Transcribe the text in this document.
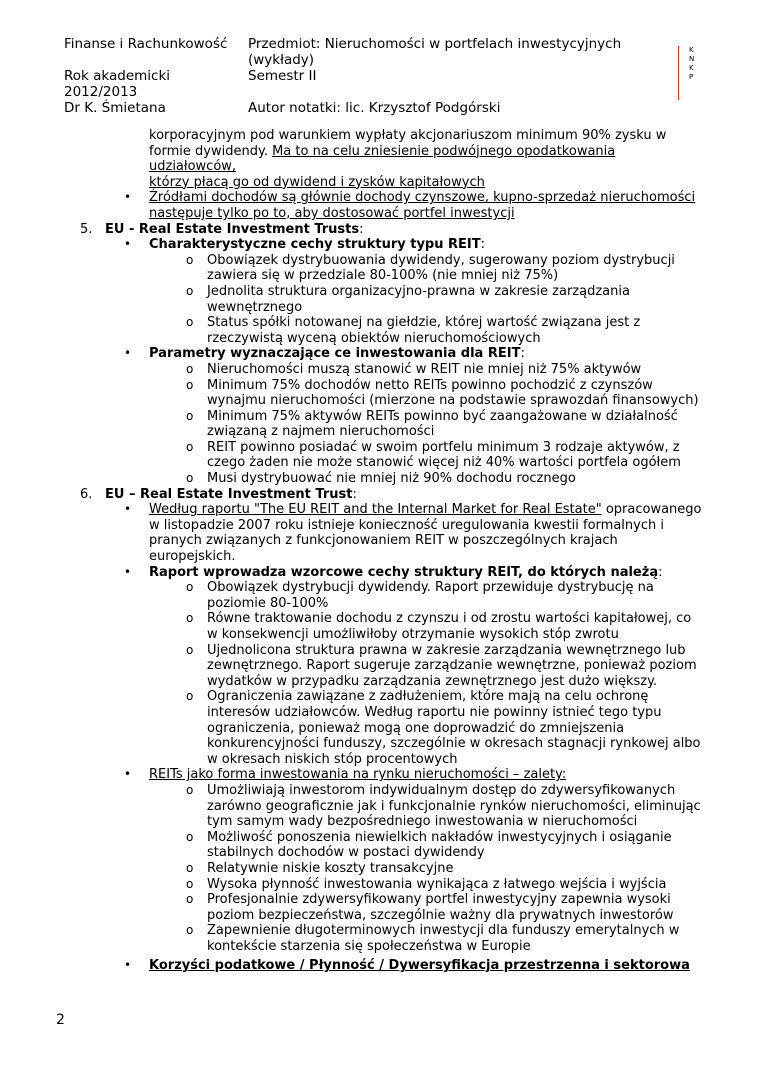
Finanse i Rachunkowość	Przedmiot: Nieruchomości w portfelach inwestycyjnych (wykłady)
Rok akademicki 2012/2013
Semestr II
Dr K. Śmietana	Autor notatki: lic. Krzysztof Podgórski
K
N
K
P
korporacyjnym pod warunkiem wypłaty akcjonariuszom minimum 90% zysku w
formie dywidendy. Ma to na celu zniesienie podwójnego opodatkowania udziałowców,
którzy płacą go od dywidend i zysków kapitałowych
• Źródłami dochodów są głównie dochody czynszowe, kupno-sprzedaż nieruchomości następuje tylko po to, aby dostosować portfel inwestycji
5. EU - Real Estate Investment Trusts:
• Charakterystyczne cechy struktury typu REIT:
o Obowiązek dystrybuowania dywidendy, sugerowany poziom dystrybucji zawiera się w przedziale 80-100% (nie mniej niż 75%)
o Jednolita struktura organizacyjno-prawna w zakresie zarządzania wewnętrznego
o Status spółki notowanej na giełdzie, której wartość związana jest z rzeczywistą wyceną obiektów nieruchomościowych
• Parametry wyznaczające ce inwestowania dla REIT:
o Nieruchomości muszą stanowić w REIT nie mniej niż 75% aktywów
o Minimum 75% dochodów netto REITs powinno pochodzić z czynszów wynajmu nieruchomości (mierzone na podstawie sprawozdań finansowych)
o Minimum 75% aktywów REITs powinno być zaangażowane w działalność związaną z najmem nieruchomości
o REIT powinno posiadać w swoim portfelu minimum 3 rodzaje aktywów, z czego żaden nie może stanowić więcej niż 40% wartości portfela ogółem
o Musi dystrybuować nie mniej niż 90% dochodu rocznego
6. EU – Real Estate Investment Trust:
• Według raportu "The EU REIT and the Internal Market for Real Estate" opracowanego w listopadzie 2007 roku istnieje konieczność uregulowania kwestii formalnych i pranych związanych z funkcjonowaniem REIT w poszczególnych krajach europejskich.
• Raport wprowadza wzorcowe cechy struktury REIT, do których należą:
o Obowiązek dystrybucji dywidendy. Raport przewiduje dystrybucję na poziomie 80-100%
o Równe traktowanie dochodu z czynszu i od zrostu wartości kapitałowej, co w konsekwencji umożliwiłoby otrzymanie wysokich stóp zwrotu
o Ujednolicona struktura prawna w zakresie zarządzania wewnętrznego lub zewnętrznego. Raport sugeruje zarządzanie wewnętrzne, ponieważ poziom wydatków w przypadku zarządzania zewnętrznego jest dużo większy.
o Ograniczenia zawiązane z zadłużeniem, które mają na celu ochronę interesów udziałowców. Według raportu nie powinny istnieć tego typu ograniczenia, ponieważ mogą one doprowadzić do zmniejszenia konkurencyjności funduszy, szczególnie w okresach stagnacji rynkowej albo w okresach niskich stóp procentowych
• REITs jako forma inwestowania na rynku nieruchomości – zalety:
o Umożliwiają inwestorom indywidualnym dostęp do zdywersyfikowanych zarówno geograficznie jak i funkcjonalnie rynków nieruchomości, eliminując tym samym wady bezpośredniego inwestowania w nieruchomości
o Możliwość ponoszenia niewielkich nakładów inwestycyjnych i osiąganie stabilnych dochodów w postaci dywidendy
o Relatywnie niskie koszty transakcyjne
o Wysoka płynność inwestowania wynikająca z łatwego wejścia i wyjścia
o Profesjonalnie zdywersyfikowany portfel inwestycyjny zapewnia wysoki poziom bezpieczeństwa, szczególnie ważny dla prywatnych inwestorów
o Zapewnienie długoterminowych inwestycji dla funduszy emerytalnych w kontekście starzenia się społeczeństwa w Europie
• Korzyści podatkowe / Płynność / Dywersyfikacja przestrzenna i sektorowa
2
